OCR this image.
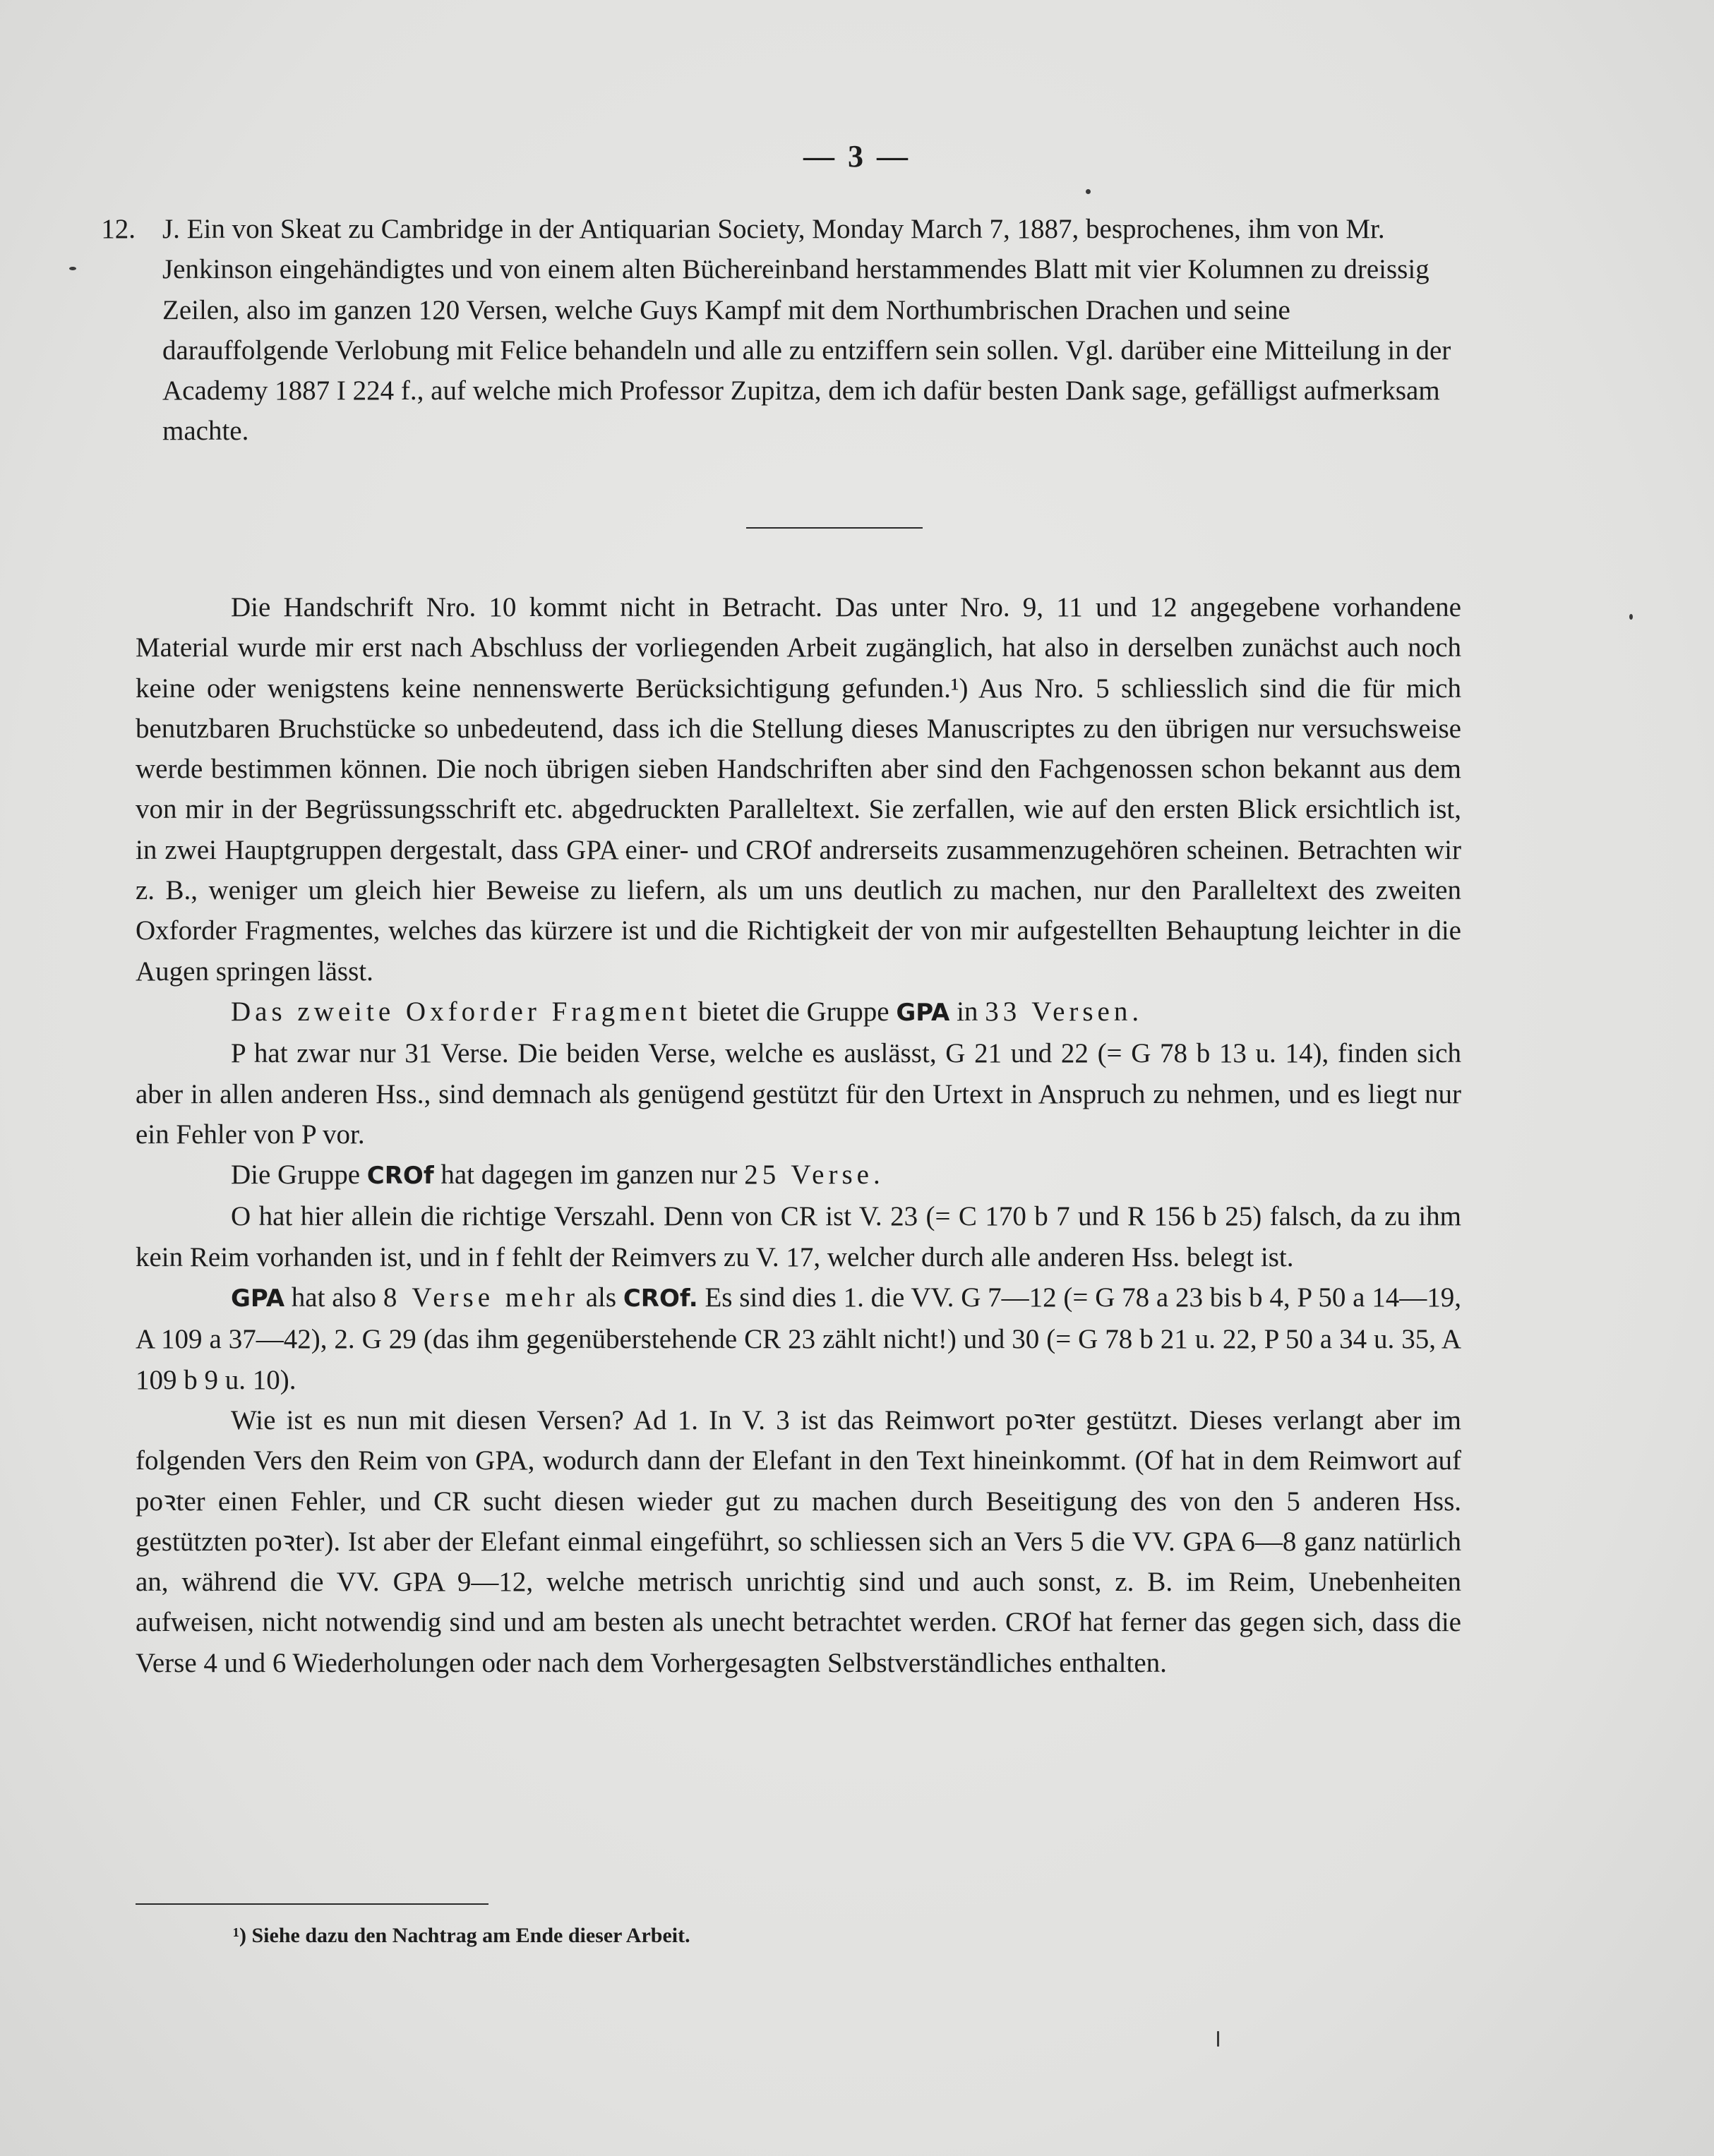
— 3 —
12. J. Ein von Skeat zu Cambridge in der Antiquarian Society, Monday March 7, 1887, besprochenes, ihm von Mr. Jenkinson eingehändigtes und von einem alten Büchereinband herstammendes Blatt mit vier Kolumnen zu dreissig Zeilen, also im ganzen 120 Versen, welche Guys Kampf mit dem Northumbrischen Drachen und seine darauffolgende Verlobung mit Felice behandeln und alle zu entziffern sein sollen. Vgl. darüber eine Mitteilung in der Academy 1887 I 224 f., auf welche mich Professor Zupitza, dem ich dafür besten Dank sage, gefälligst aufmerksam machte.

Die Handschrift Nro. 10 kommt nicht in Betracht. Das unter Nro. 9, 11 und 12 angegebene vorhandene Material wurde mir erst nach Abschluss der vorliegenden Arbeit zugänglich, hat also in derselben zunächst auch noch keine oder wenigstens keine nennenswerte Berücksichtigung gefunden.¹) Aus Nro. 5 schliesslich sind die für mich benutzbaren Bruchstücke so unbedeutend, dass ich die Stellung dieses Manuscriptes zu den übrigen nur versuchsweise werde bestimmen können. Die noch übrigen sieben Handschriften aber sind den Fachgenossen schon bekannt aus dem von mir in der Begrüssungsschrift etc. abgedruckten Paralleltext. Sie zerfallen, wie auf den ersten Blick ersichtlich ist, in zwei Hauptgruppen dergestalt, dass GPA einer- und CROf andrerseits zusammenzugehören scheinen. Betrachten wir z. B., weniger um gleich hier Beweise zu liefern, als um uns deutlich zu machen, nur den Paralleltext des zweiten Oxforder Fragmentes, welches das kürzere ist und die Richtigkeit der von mir aufgestellten Behauptung leichter in die Augen springen lässt.

Das zweite Oxforder Fragment bietet die Gruppe GPA in 33 Versen.

P hat zwar nur 31 Verse. Die beiden Verse, welche es auslässt, G 21 und 22 (= G 78 b 13 u. 14), finden sich aber in allen anderen Hss., sind demnach als genügend gestützt für den Urtext in Anspruch zu nehmen, und es liegt nur ein Fehler von P vor.

Die Gruppe CROf hat dagegen im ganzen nur 25 Verse.

O hat hier allein die richtige Verszahl. Denn von CR ist V. 23 (= C 170 b 7 und R 156 b 25) falsch, da zu ihm kein Reim vorhanden ist, und in f fehlt der Reimvers zu V. 17, welcher durch alle anderen Hss. belegt ist.

GPA hat also 8 Verse mehr als CROf. Es sind dies 1. die VV. G 7—12 (= G 78 a 23 bis b 4, P 50 a 14—19, A 109 a 37—42), 2. G 29 (das ihm gegenüberstehende CR 23 zählt nicht!) und 30 (= G 78 b 21 u. 22, P 50 a 34 u. 35, A 109 b 9 u. 10).

Wie ist es nun mit diesen Versen? Ad 1. In V. 3 ist das Reimwort poꝛter gestützt. Dieses verlangt aber im folgenden Vers den Reim von GPA, wodurch dann der Elefant in den Text hineinkommt. (Of hat in dem Reimwort auf poꝛter einen Fehler, und CR sucht diesen wieder gut zu machen durch Beseitigung des von den 5 anderen Hss. gestützten poꝛter). Ist aber der Elefant einmal eingeführt, so schliessen sich an Vers 5 die VV. GPA 6—8 ganz natürlich an, während die VV. GPA 9—12, welche metrisch unrichtig sind und auch sonst, z. B. im Reim, Unebenheiten aufweisen, nicht notwendig sind und am besten als unecht betrachtet werden. CROf hat ferner das gegen sich, dass die Verse 4 und 6 Wiederholungen oder nach dem Vorhergesagten Selbstverständliches enthalten.

¹) Siehe dazu den Nachtrag am Ende dieser Arbeit.
